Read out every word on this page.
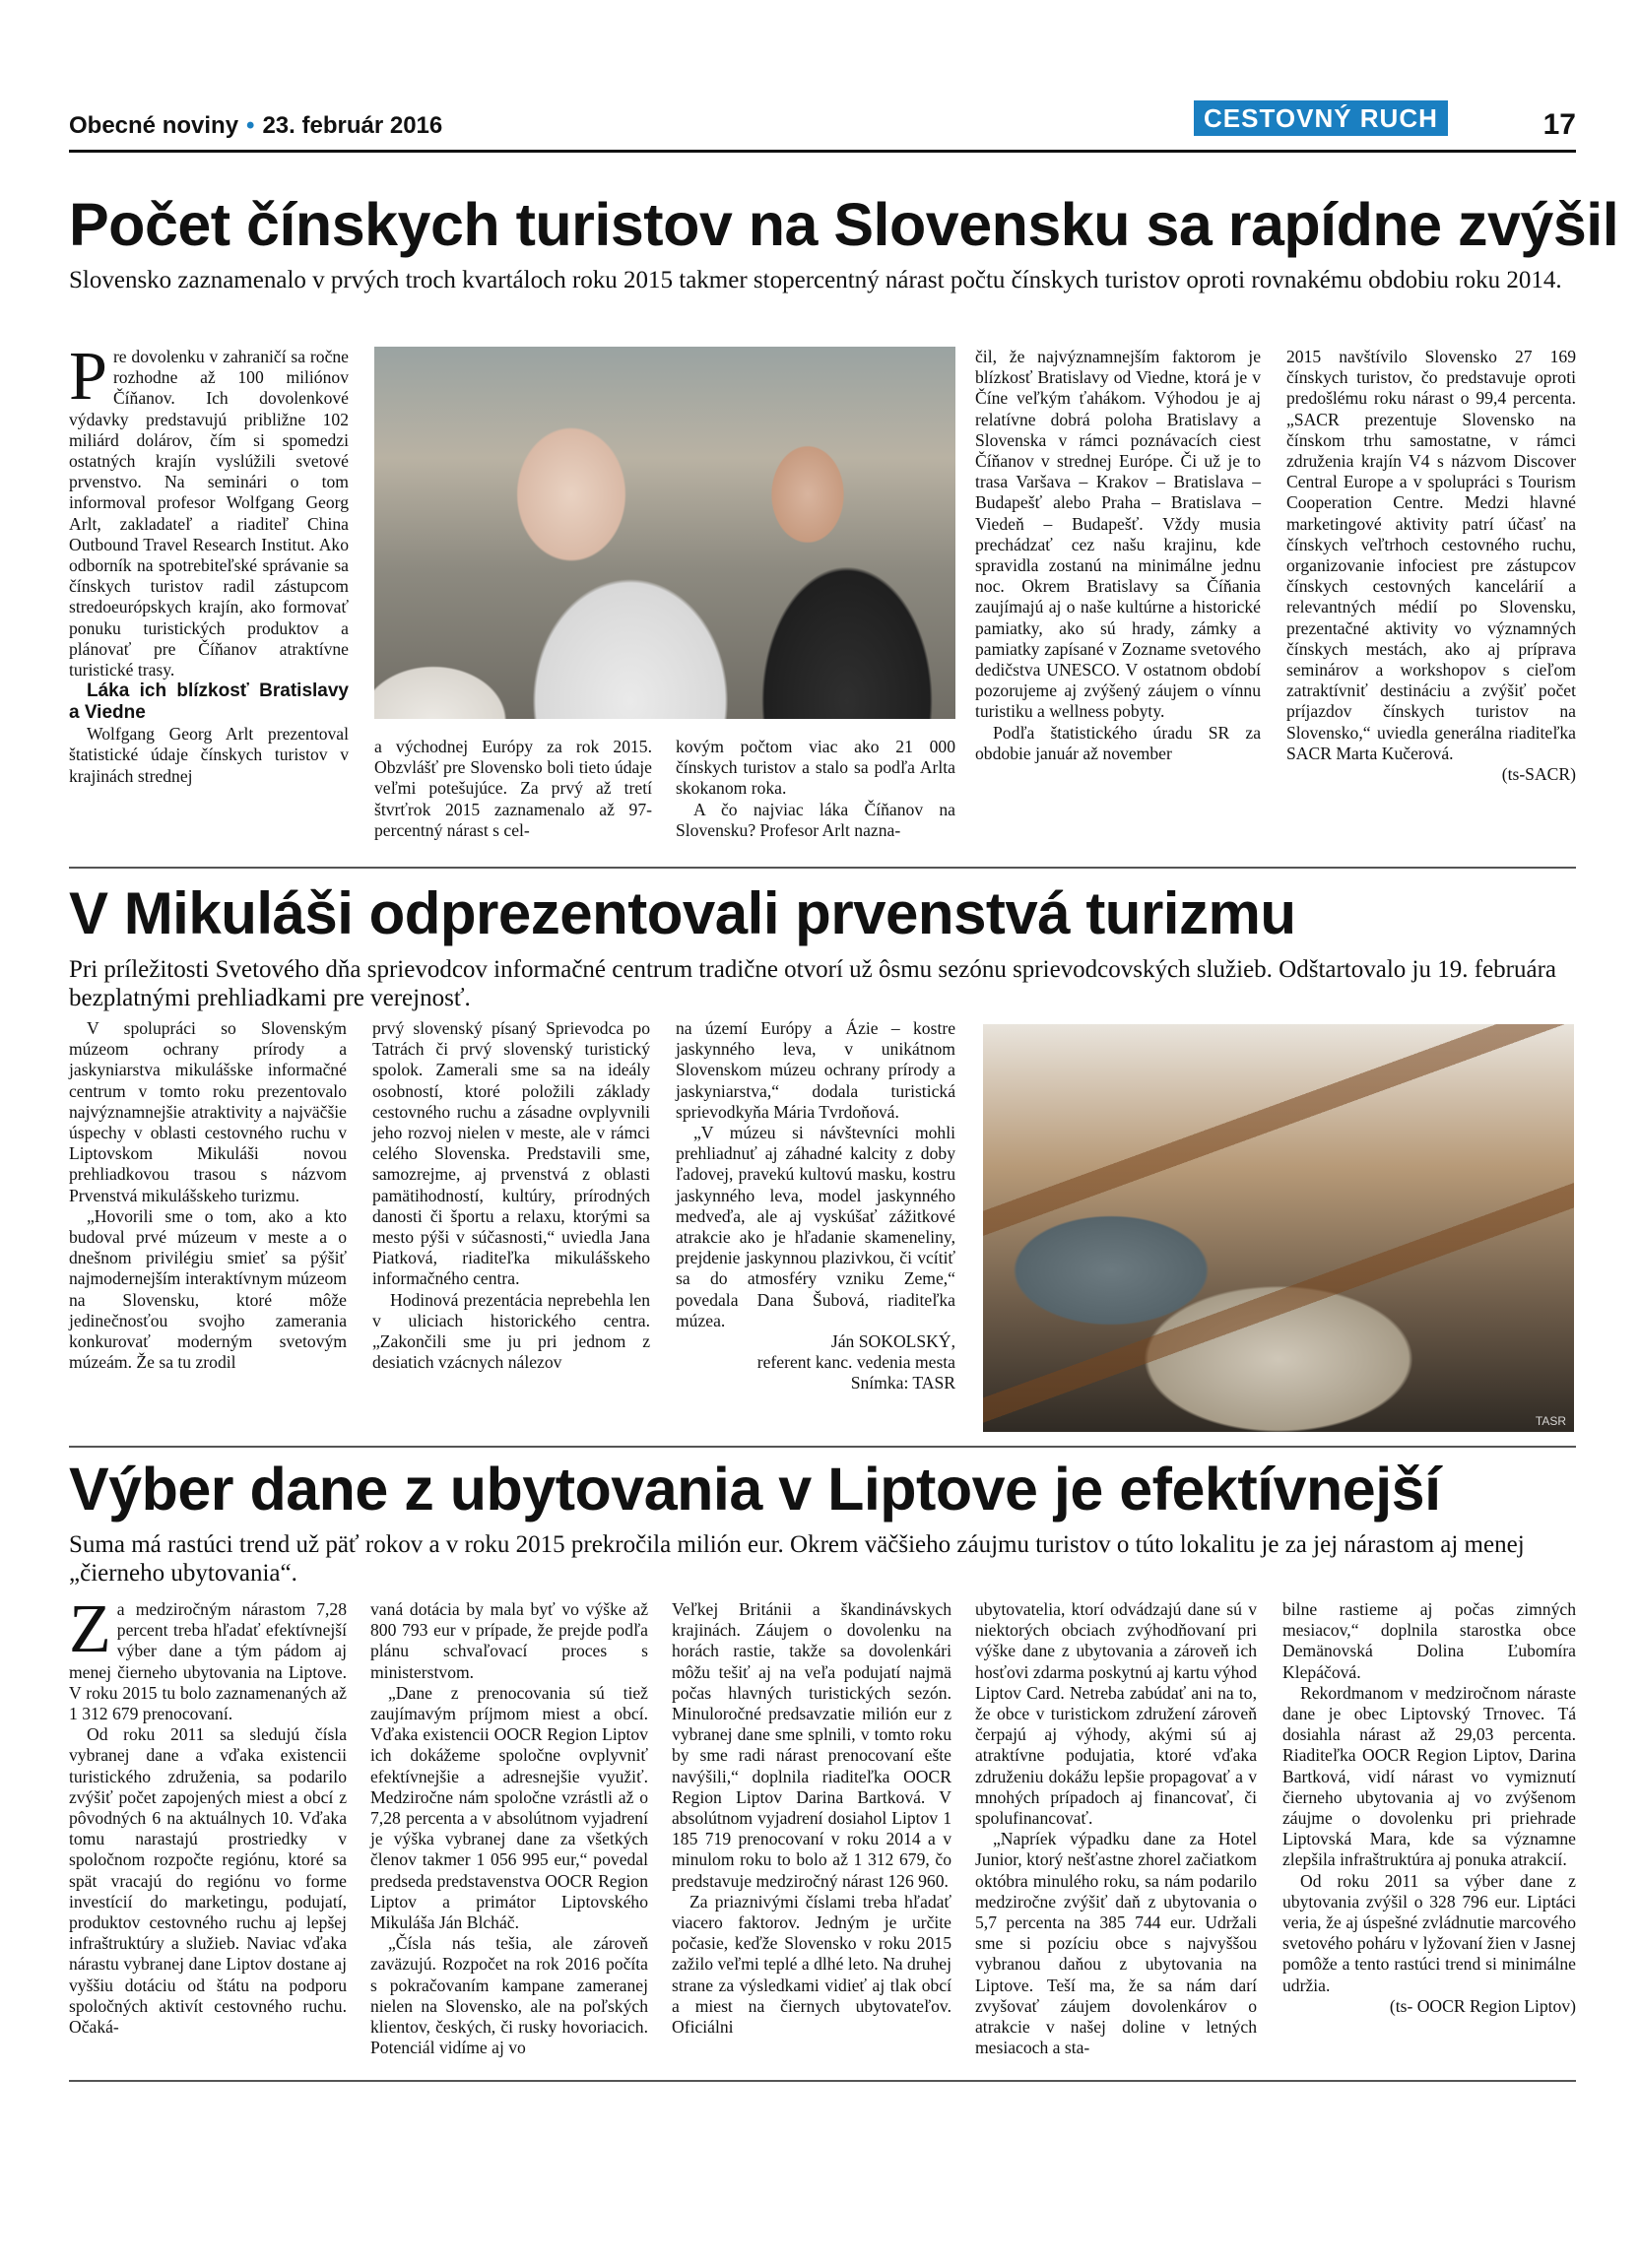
Obecné noviny • 23. február 2016	CESTOVNÝ RUCH	17
Počet čínskych turistov na Slovensku sa rapídne zvýšil
Slovensko zaznamenalo v prvých troch kvartáloch roku 2015 takmer stopercentný nárast počtu čínskych turistov oproti rovnakému obdobiu roku 2014.

Pre dovolenku v zahraničí sa ročne rozhodne až 100 miliónov Číňanov. Ich dovolenkové výdavky predstavujú približne 102 miliárd dolárov, čím si spomedzi ostatných krajín vyslúžili svetové prvenstvo. Na seminári o tom informoval profesor Wolfgang Georg Arlt, zakladateľ a riaditeľ China Outbound Travel Research Institut. Ako odborník na spotrebiteľské správanie sa čínskych turistov radil zástupcom stredoeurópskych krajín, ako formovať ponuku turistických produktov a plánovať pre Číňanov atraktívne turistické trasy.

Láka ich blízkosť Bratislavy a Viedne

Wolfgang Georg Arlt prezentoval štatistické údaje čínskych turistov v krajinách strednej

a východnej Európy za rok 2015. Obzvlášť pre Slovensko boli tieto údaje veľmi potešujúce. Za prvý až tretí štvrťrok 2015 zaznamenalo až 97-percentný nárast s cel-

kovým počtom viac ako 21 000 čínskych turistov a stalo sa podľa Arlta skokanom roka.

A čo najviac láka Číňanov na Slovensku? Profesor Arlt nazna-

čil, že najvýznamnejším faktorom je blízkosť Bratislavy od Viedne, ktorá je v Číne veľkým ťahákom. Výhodou je aj relatívne dobrá poloha Bratislavy a Slovenska v rámci poznávacích ciest Číňanov v strednej Európe. Či už je to trasa Varšava – Krakov – Bratislava – Budapešť alebo Praha – Bratislava – Viedeň – Budapešť. Vždy musia prechádzať cez našu krajinu, kde spravidla zostanú na minimálne jednu noc. Okrem Bratislavy sa Číňania zaujímajú aj o naše kultúrne a historické pamiatky, ako sú hrady, zámky a pamiatky zapísané v Zozname svetového dedičstva UNESCO. V ostatnom období pozorujeme aj zvýšený záujem o vínnu turistiku a wellness pobyty.

Podľa štatistického úradu SR za obdobie január až november

2015 navštívilo Slovensko 27 169 čínskych turistov, čo predstavuje oproti predošlému roku nárast o 99,4 percenta. „SACR prezentuje Slovensko na čínskom trhu samostatne, v rámci združenia krajín V4 s názvom Discover Central Europe a v spolupráci s Tourism Cooperation Centre. Medzi hlavné marketingové aktivity patrí účasť na čínskych veľtrhoch cestovného ruchu, organizovanie infociest pre zástupcov čínskych cestovných kancelárií a relevantných médií po Slovensku, prezentačné aktivity vo významných čínskych mestách, ako aj príprava seminárov a workshopov s cieľom zatraktívniť destináciu a zvýšiť počet príjazdov čínskych turistov na Slovensko,“ uviedla generálna riaditeľka SACR Marta Kučerová.

(ts-SACR)

V Mikuláši odprezentovali prvenstvá turizmu
Pri príležitosti Svetového dňa sprievodcov informačné centrum tradične otvorí už ôsmu sezónu sprievodcovských služieb. Odštartovalo ju 19. februára bezplatnými prehliadkami pre verejnosť.

V spolupráci so Slovenským múzeom ochrany prírody a jaskyniarstva mikulášske informačné centrum v tomto roku prezentovalo najvýznamnejšie atraktivity a najväčšie úspechy v oblasti cestovného ruchu v Liptovskom Mikuláši novou prehliadkovou trasou s názvom Prvenstvá mikulášskeho turizmu.

„Hovorili sme o tom, ako a kto budoval prvé múzeum v meste a o dnešnom privilégiu smieť sa pýšiť najmodernejším interaktívnym múzeom na Slovensku, ktoré môže jedinečnosťou svojho zamerania konkurovať moderným svetovým múzeám. Že sa tu zrodil

prvý slovenský písaný Sprievodca po Tatrách či prvý slovenský turistický spolok. Zamerali sme sa na ideály osobností, ktoré položili základy cestovného ruchu a zásadne ovplyvnili jeho rozvoj nielen v meste, ale v rámci celého Slovenska. Predstavili sme, samozrejme, aj prvenstvá z oblasti pamätihodností, kultúry, prírodných danosti či športu a relaxu, ktorými sa mesto pýši v súčasnosti,“ uviedla Jana Piatková, riaditeľka mikulášskeho informačného centra.

Hodinová prezentácia neprebehla len v uliciach historického centra. „Zakončili sme ju pri jednom z desiatich vzácnych nálezov

na území Európy a Ázie – kostre jaskynného leva, v unikátnom Slovenskom múzeu ochrany prírody a jaskyniarstva,“ dodala turistická sprievodkyňa Mária Tvrdoňová.

„V múzeu si návštevníci mohli prehliadnuť aj záhadné kalcity z doby ľadovej, pravekú kultovú masku, kostru jaskynného leva, model jaskynného medveďa, ale aj vyskúšať zážitkové atrakcie ako je hľadanie skameneliny, prejdenie jaskynnou plazivkou, či vcítiť sa do atmosféry vzniku Zeme,“ povedala Dana Šubová, riaditeľka múzea.

Ján SOKOLSKÝ,

referent kanc. vedenia mesta

Snímka: TASR

TASR
Výber dane z ubytovania v Liptove je efektívnejší
Suma má rastúci trend už päť rokov a v roku 2015 prekročila milión eur. Okrem väčšieho záujmu turistov o túto lokalitu je za jej nárastom aj menej „čierneho ubytovania“.

Za medziročným nárastom 7,28 percent treba hľadať efektívnejší výber dane a tým pádom aj menej čierneho ubytovania na Liptove. V roku 2015 tu bolo zaznamenaných až 1 312 679 prenocovaní.

Od roku 2011 sa sledujú čísla vybranej dane a vďaka existencii turistického združenia, sa podarilo zvýšiť počet zapojených miest a obcí z pôvodných 6 na aktuálnych 10. Vďaka tomu narastajú prostriedky v spoločnom rozpočte regiónu, ktoré sa spät vracajú do regiónu vo forme investícií do marketingu, podujatí, produktov cestovného ruchu aj lepšej infraštruktúry a služieb. Naviac vďaka nárastu vybranej dane Liptov dostane aj vyššiu dotáciu od štátu na podporu spoločných aktivít cestovného ruchu. Očaká-

vaná dotácia by mala byť vo výške až 800 793 eur v prípade, že prejde podľa plánu schvaľovací proces s ministerstvom.

„Dane z prenocovania sú tiež zaujímavým príjmom miest a obcí. Vďaka existencii OOCR Region Liptov ich dokážeme spoločne ovplyvniť efektívnejšie a adresnejšie využiť. Medziročne nám spoločne vzrástli až o 7,28 percenta a v absolútnom vyjadrení je výška vybranej dane za všetkých členov takmer 1 056 995 eur,“ povedal predseda predstavenstva OOCR Region Liptov a primátor Liptovského Mikuláša Ján Blcháč.

„Čísla nás tešia, ale zároveň zaväzujú. Rozpočet na rok 2016 počíta s pokračovaním kampane zameranej nielen na Slovensko, ale na poľských klientov, českých, či rusky hovoriacich. Potenciál vidíme aj vo

Veľkej Británii a škandinávskych krajinách. Záujem o dovolenku na horách rastie, takže sa dovolenkári môžu tešiť aj na veľa podujatí najmä počas hlavných turistických sezón. Minuloročné predsavzatie milión eur z vybranej dane sme splnili, v tomto roku by sme radi nárast prenocovaní ešte navýšili,“ doplnila riaditeľka OOCR Region Liptov Darina Bartková. V absolútnom vyjadrení dosiahol Liptov 1 185 719 prenocovaní v roku 2014 a v minulom roku to bolo až 1 312 679, čo predstavuje medziročný nárast 126 960.

Za priaznivými číslami treba hľadať viacero faktorov. Jedným je určite počasie, keďže Slovensko v roku 2015 zažilo veľmi teplé a dlhé leto. Na druhej strane za výsledkami vidieť aj tlak obcí a miest na čiernych ubytovateľov. Oficiálni

ubytovatelia, ktorí odvádzajú dane sú v niektorých obciach zvýhodňovaní pri výške dane z ubytovania a zároveň ich hosťovi zdarma poskytnú aj kartu výhod Liptov Card. Netreba zabúdať ani na to, že obce v turistickom združení zároveň čerpajú aj výhody, akými sú aj atraktívne podujatia, ktoré vďaka združeniu dokážu lepšie propagovať a v mnohých prípadoch aj financovať, či spolufinancovať.

„Napríek výpadku dane za Hotel Junior, ktorý nešťastne zhorel začiatkom októbra minulého roku, sa nám podarilo medziročne zvýšiť daň z ubytovania o 5,7 percenta na 385 744 eur. Udržali sme si pozíciu obce s najvyššou vybranou daňou z ubytovania na Liptove. Teší ma, že sa nám darí zvyšovať záujem dovolenkárov o atrakcie v našej doline v letných mesiacoch a sta-

bilne rastieme aj počas zimných mesiacov,“ doplnila starostka obce Demänovská Dolina Ľubomíra Klepáčová.

Rekordmanom v medziročnom náraste dane je obec Liptovský Trnovec. Tá dosiahla nárast až 29,03 percenta. Riaditeľka OOCR Region Liptov, Darina Bartková, vidí nárast vo vymiznutí čierneho ubytovania aj vo zvýšenom záujme o dovolenku pri priehrade Liptovská Mara, kde sa významne zlepšila infraštruktúra aj ponuka atrakcií.

Od roku 2011 sa výber dane z ubytovania zvýšil o 328 796 eur. Liptáci veria, že aj úspešné zvládnutie marcového svetového poháru v lyžovaní žien v Jasnej pomôže a tento rastúci trend si minimálne udržia.

(ts- OOCR Region Liptov)
